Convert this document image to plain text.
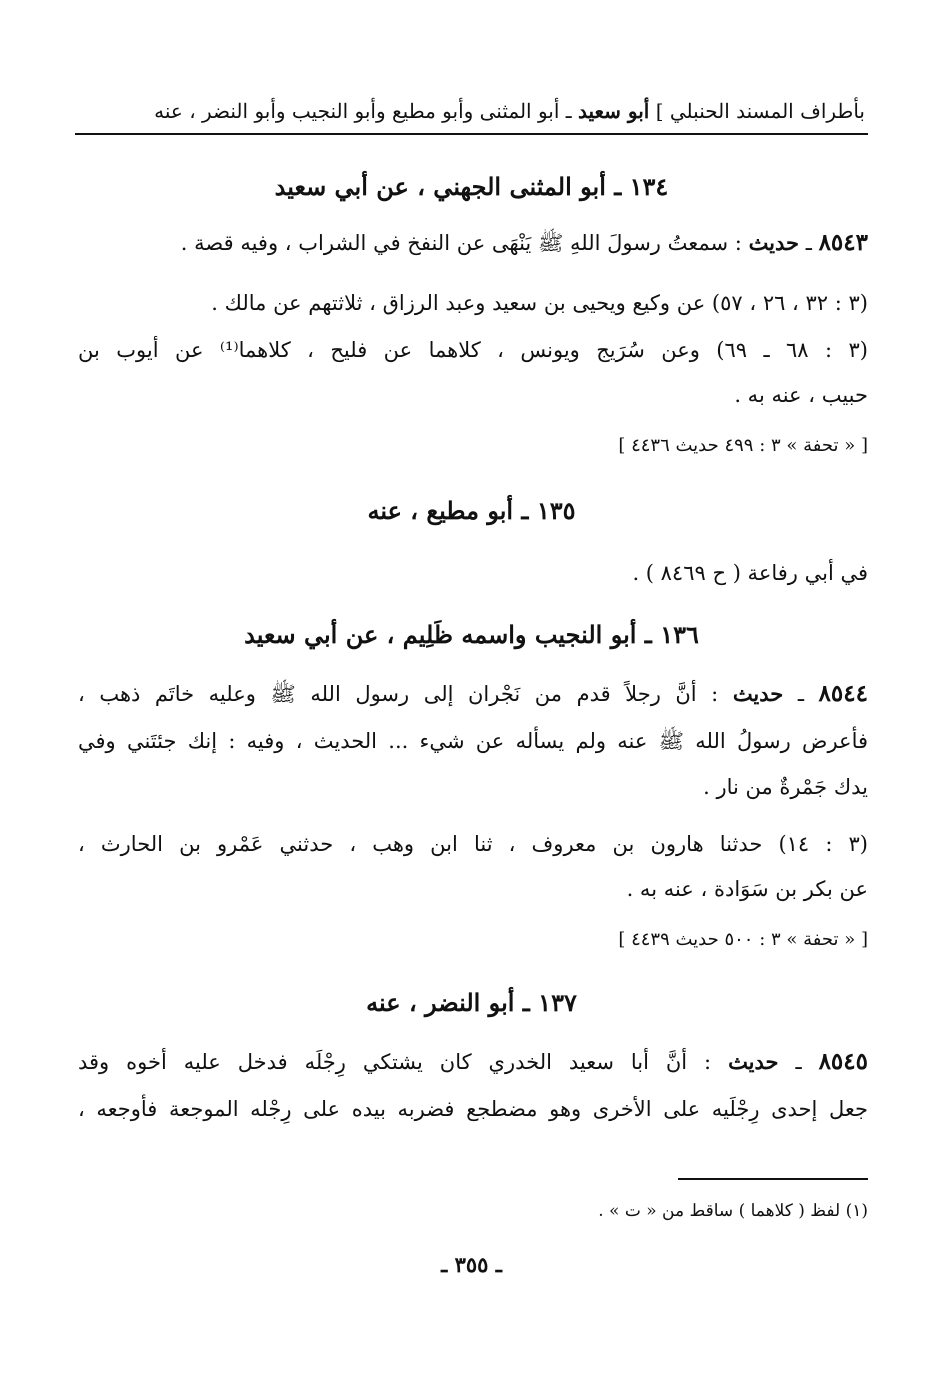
بأطراف المسند الحنبلي ] أبو سعيد ـ أبو المثنى وأبو مطيع وأبو النجيب وأبو النضر ، عنه
١٣٤ ـ أبو المثنى الجهني ، عن أبي سعيد
٨٥٤٣ ـ حديث : سمعتُ رسولَ اللهِ ﷺ يَنْهَى عن النفخ في الشراب ، وفيه قصة .
(٣ : ٣٢ ، ٢٦ ، ٥٧) عن وكيع ويحيى بن سعيد وعبد الرزاق ، ثلاثتهم عن مالك .
(٣ : ٦٨ ـ ٦٩) وعن سُرَيج ويونس ، كلاهما عن فليح ، كلاهما⁽¹⁾ عن أيوب بن
حبيب ، عنه به .
[ « تحفة » ٣ : ٤٩٩ حديث ٤٤٣٦ ]
١٣٥ ـ أبو مطيع ، عنه
في أبي رفاعة ( ح ٨٤٦٩ ) .
١٣٦ ـ أبو النجيب واسمه ظَلِيم ، عن أبي سعيد
٨٥٤٤ ـ حديث : أنَّ رجلاً قدم من نَجْران إلى رسول الله ﷺ وعليه خاتَم ذهب ،
فأعرض رسولُ الله ﷺ عنه ولم يسأله عن شيء ... الحديث ، وفيه : إنك جئتَني وفي
يدك جَمْرةٌ من نار .
(٣ : ١٤) حدثنا هارون بن معروف ، ثنا ابن وهب ، حدثني عَمْرو بن الحارث ،
عن بكر بن سَوَادة ، عنه به .
[ « تحفة » ٣ : ٥٠٠ حديث ٤٤٣٩ ]
١٣٧ ـ أبو النضر ، عنه
٨٥٤٥ ـ حديث : أنَّ أبا سعيد الخدري كان يشتكي رِجْلَه فدخل عليه أخوه وقد
جعل إحدى رِجْلَيه على الأخرى وهو مضطجع فضربه بيده على رِجْله الموجعة فأوجعه ،
(١) لفظ ( كلاهما ) ساقط من « ت » .
ـ ٣٥٥ ـ
